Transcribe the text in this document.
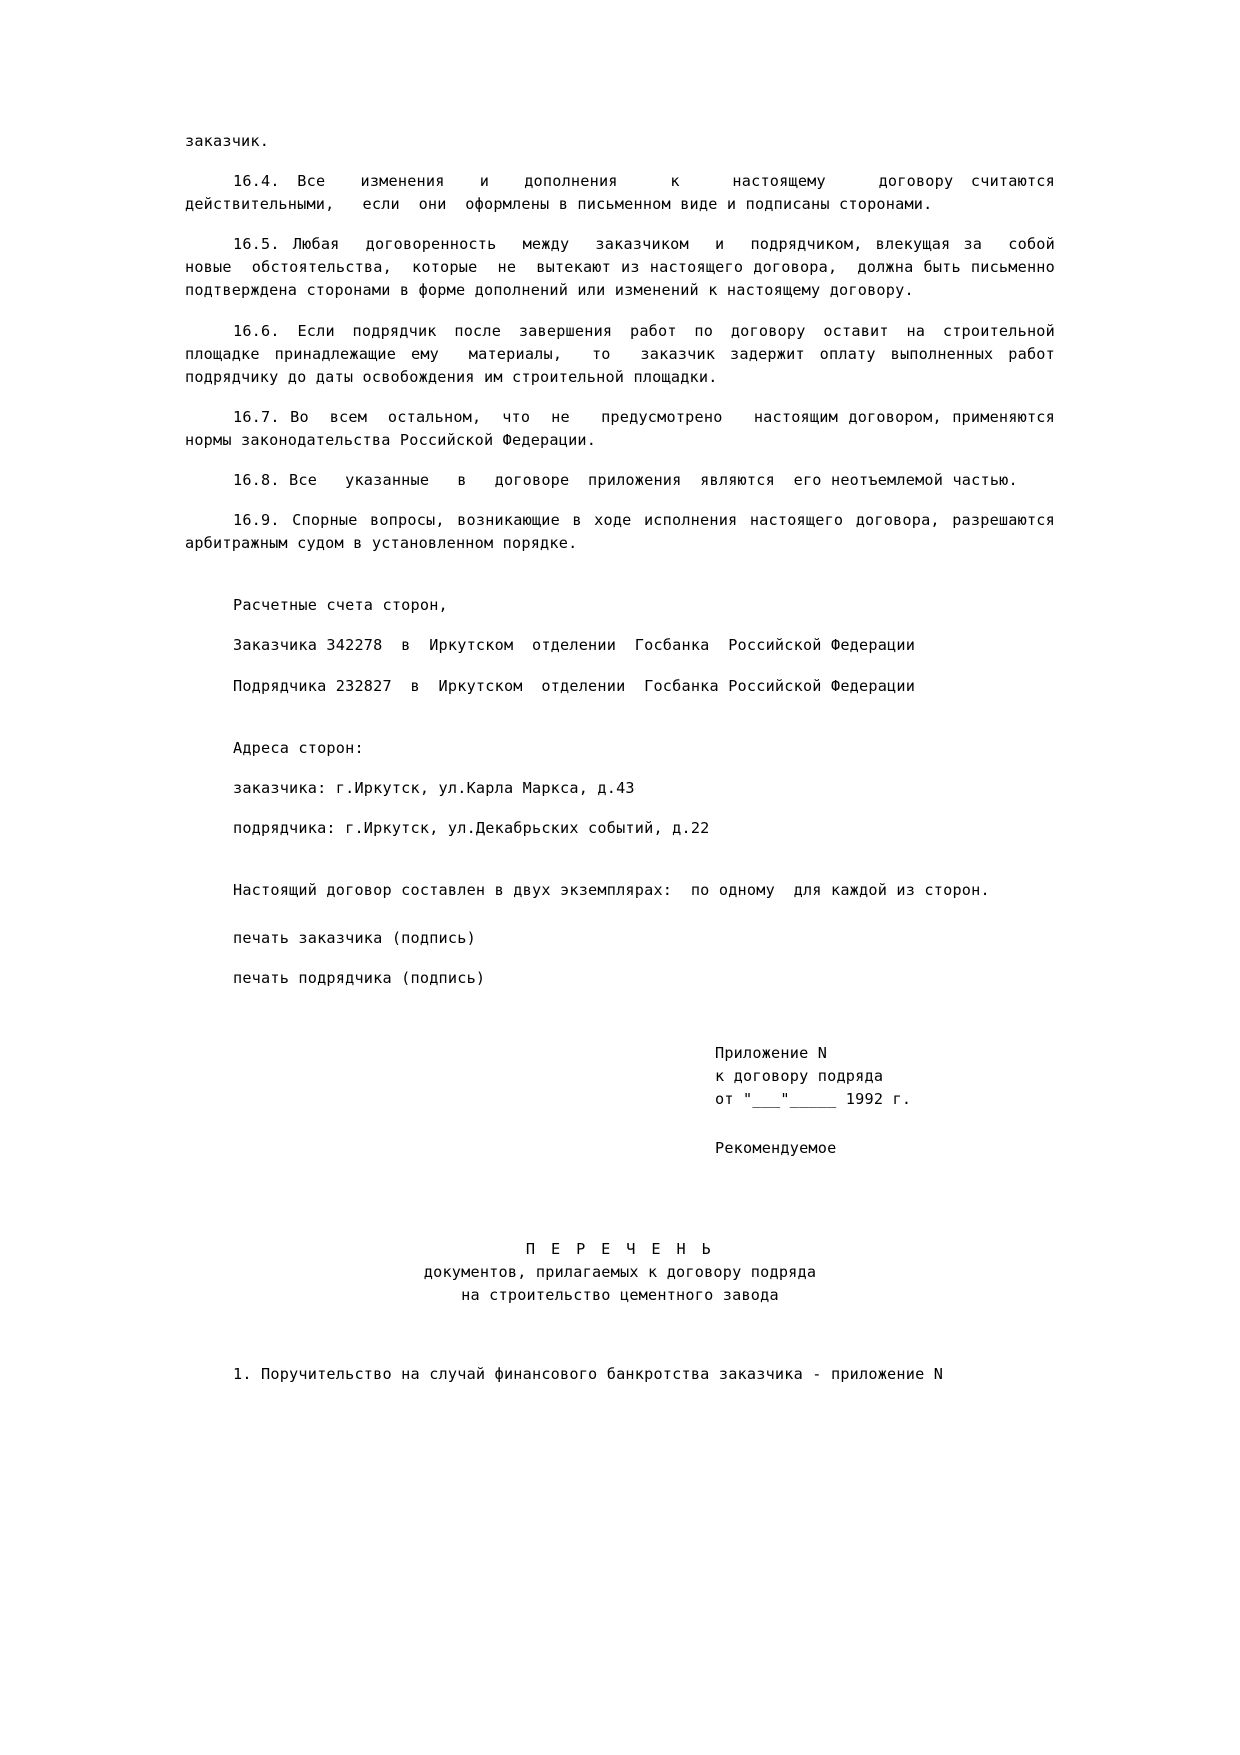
заказчик.

16.4. Все  изменения  и  дополнения   к   настоящему   договору считаются действительными,   если  они  оформлены в письменном виде и подписаны сторонами.

16.5. Любая  договоренность  между  заказчиком  и  подрядчиком, влекущая за  собой  новые  обстоятельства,  которые  не  вытекают из настоящего договора,  должна быть письменно подтверждена сторонами в форме дополнений или изменений к настоящему договору.

16.6. Если подрядчик после завершения работ по договору оставит на строительной площадке принадлежащие ему  материалы,  то  заказчик задержит оплату выполненных работ подрядчику до даты освобождения им строительной площадки.

16.7. Во  всем  остальном,  что  не   предусмотрено   настоящим договором, применяются нормы законодательства Российской Федерации.

16.8. Все   указанные   в   договоре  приложения  являются  его неотъемлемой частью.

16.9. Спорные вопросы, возникающие в ходе исполнения настоящего договора, разрешаются арбитражным судом в установленном порядке.

Расчетные счета сторон,

Заказчика 342278  в  Иркутском  отделении  Госбанка  Российской Федерации

Подрядчика 232827  в  Иркутском  отделении  Госбанка Российской Федерации

Адреса сторон:

заказчика: г.Иркутск, ул.Карла Маркса, д.43

подрядчика: г.Иркутск, ул.Декабрьских событий, д.22

Настоящий договор составлен в двух экземплярах:  по одному  для каждой из сторон.

печать заказчика (подпись)

печать подрядчика (подпись)

Приложение N

к договору подряда

от "___"_____ 1992 г.

Рекомендуемое

П Е Р Е Ч Е Н Ь

документов, прилагаемых к договору подряда

на строительство цементного завода

1. Поручительство на случай финансового банкротства заказчика - приложение N
